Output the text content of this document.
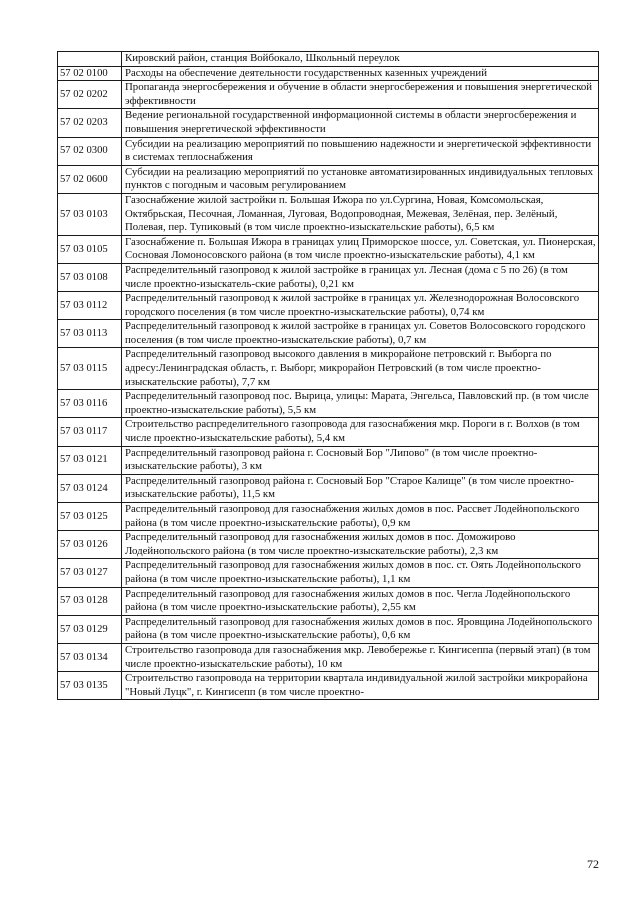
	Кировский район, станция Войбокало, Школьный переулок
57 02 0100	Расходы на обеспечение деятельности государственных казенных учреждений
57 02 0202	Пропаганда энергосбережения и обучение в области энергосбережения и повышения энергетической эффективности
57 02 0203	Ведение региональной государственной информационной системы в области энергосбережения и повышения энергетической эффективности
57 02 0300	Субсидии на реализацию мероприятий по повышению надежности и энергетической эффективности в системах теплоснабжения
57 02 0600	Субсидии на реализацию мероприятий по установке автоматизированных индивидуальных тепловых пунктов с погодным и часовым регулированием
57 03 0103	Газоснабжение жилой застройки п. Большая Ижора по ул.Сургина, Новая, Комсомольская, Октябрьская, Песочная, Ломанная, Луговая, Водопроводная, Межевая, Зелёная, пер. Зелёный, Полевая, пер. Тупиковый (в том числе проектно-изыскательские работы), 6,5 км
57 03 0105	Газоснабжение п. Большая Ижора в границах улиц Приморское шоссе, ул. Советская, ул. Пионерская, Сосновая Ломоносовского района (в том числе проектно-изыскательские работы), 4,1 км
57 03 0108	Распределительный газопровод к жилой застройке в границах ул. Лесная (дома с 5 по 26) (в том числе проектно-изыскатель-ские работы), 0,21 км
57 03 0112	Распределительный газопровод к жилой застройке в границах ул. Железнодорожная Волосовского городского поселения (в том числе проектно-изыскательские работы), 0,74 км
57 03 0113	Распределительный газопровод к жилой застройке в границах ул. Советов Волосовского городского поселения (в том числе проектно-изыскательские работы), 0,7 км
57 03 0115	Распределительный газопровод высокого давления в микрорайоне петровский г. Выборга по адресу:Ленинградская область, г. Выборг, микрорайон Петровский (в том числе проектно-изыскательские работы), 7,7 км
57 03 0116	Распределительный газопровод пос. Вырица, улицы: Марата, Энгельса, Павловский пр. (в том числе проектно-изыскательские работы), 5,5 км
57 03 0117	Строительство распределительного газопровода для газоснабжения мкр. Пороги в г. Волхов (в том числе проектно-изыскательские работы), 5,4 км
57 03 0121	Распределительный газопровод района г. Сосновый Бор "Липово" (в том числе проектно-изыскательские работы), 3 км
57 03 0124	Распределительный газопровод района г. Сосновый Бор "Старое Калище" (в том числе проектно-изыскательские работы), 11,5 км
57 03 0125	Распределительный газопровод для газоснабжения жилых домов в пос. Рассвет Лодейнопольского района (в том числе проектно-изыскательские работы), 0,9 км
57 03 0126	Распределительный газопровод для газоснабжения жилых домов в пос. Доможирово Лодейнопольского района (в том числе проектно-изыскательские работы), 2,3 км
57 03 0127	Распределительный газопровод для газоснабжения жилых домов в пос. ст. Оять Лодейнопольского района (в том числе проектно-изыскательские работы), 1,1 км
57 03 0128	Распределительный газопровод для газоснабжения жилых домов в пос. Чегла Лодейнопольского района (в том числе проектно-изыскательские работы), 2,55 км
57 03 0129	Распределительный газопровод для газоснабжения жилых домов в пос. Яровщина Лодейнопольского района (в том числе проектно-изыскательские работы), 0,6 км
57 03 0134	Строительство газопровода для газоснабжения мкр. Левобережье г. Кингисеппа (первый этап) (в том числе проектно-изыскательские работы), 10 км
57 03 0135	Строительство газопровода на территории квартала индивидуальной жилой застройки микрорайона "Новый Луцк", г. Кингисепп (в том числе проектно-
72
